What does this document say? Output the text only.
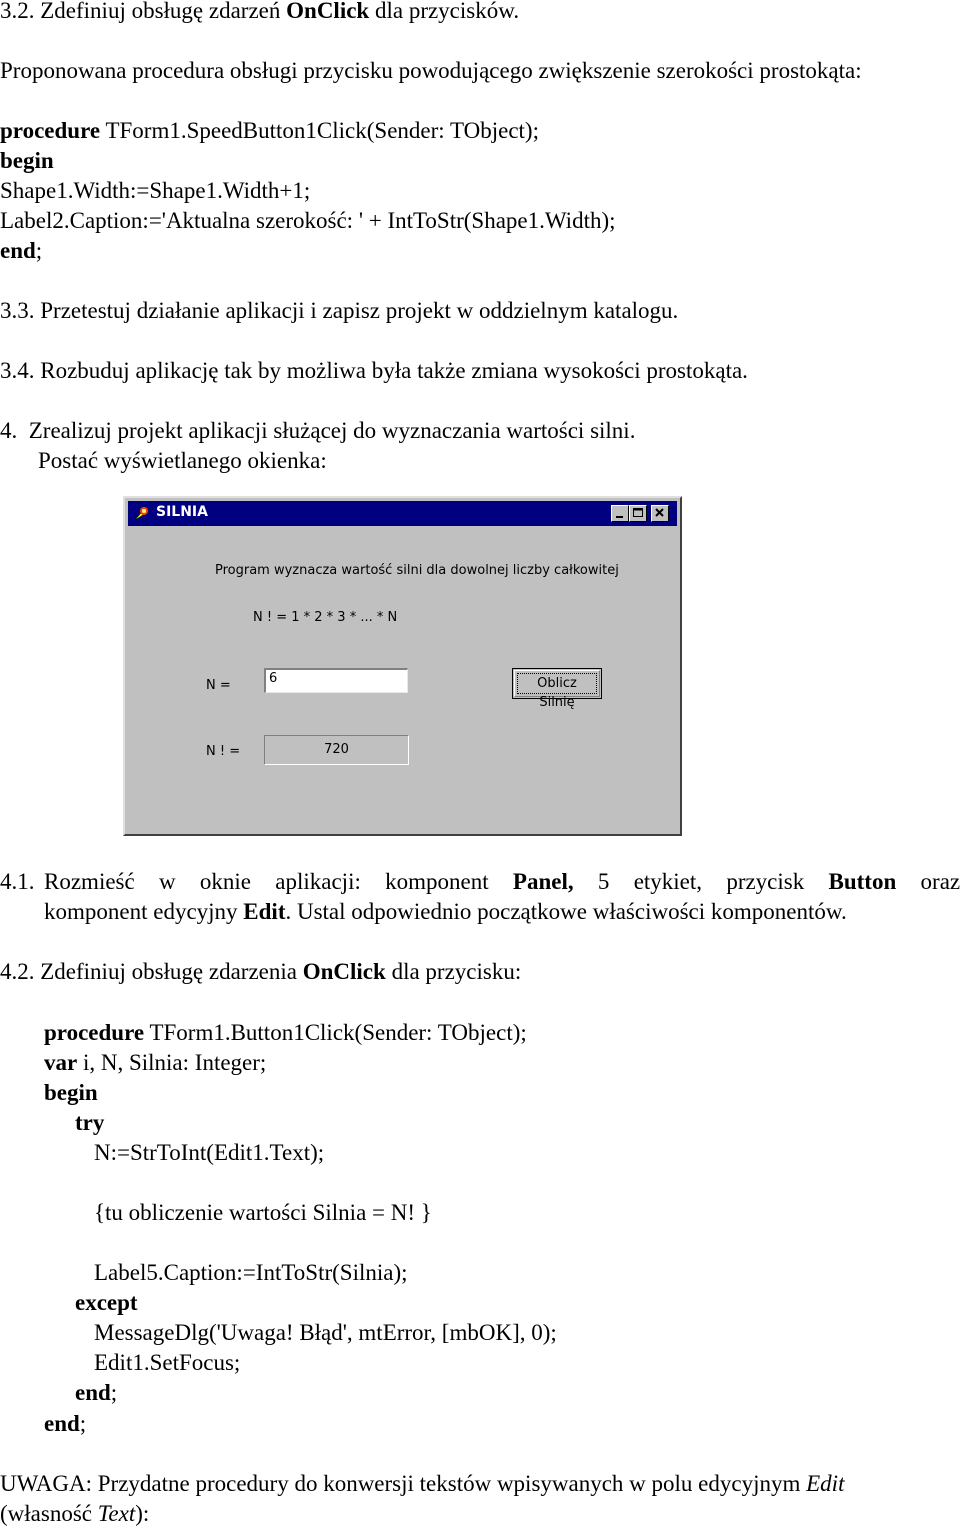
3.2. Zdefiniuj obsługę zdarzeń OnClick dla przycisków.
Proponowana procedura obsługi przycisku powodującego zwiększenie szerokości prostokąta:
procedure TForm1.SpeedButton1Click(Sender: TObject);
begin
Shape1.Width:=Shape1.Width+1;
Label2.Caption:='Aktualna szerokość: ' + IntToStr(Shape1.Width);
end;
3.3. Przetestuj działanie aplikacji i zapisz projekt w oddzielnym katalogu.
3.4. Rozbuduj aplikację tak by możliwa była także zmiana wysokości prostokąta.
4. Zrealizuj projekt aplikacji służącej do wyznaczania wartości silni.
Postać wyświetlanego okienka:
SILNIA
Program wyznacza wartość silni dla dowolnej liczby całkowitej
N ! = 1 * 2 * 3 * ... * N
N =	6	Oblicz Silnię
N ! =	720
4.1. Rozmieść w oknie aplikacji: komponent Panel, 5 etykiet, przycisk Button oraz
komponent edycyjny Edit. Ustal odpowiednio początkowe właściwości komponentów.
4.2. Zdefiniuj obsługę zdarzenia OnClick dla przycisku:
procedure TForm1.Button1Click(Sender: TObject);
var i, N, Silnia: Integer;
begin
try
N:=StrToInt(Edit1.Text);
{tu obliczenie wartości Silnia = N! }
Label5.Caption:=IntToStr(Silnia);
except
MessageDlg('Uwaga! Błąd', mtError, [mbOK], 0);
Edit1.SetFocus;
end;
end;
UWAGA: Przydatne procedury do konwersji tekstów wpisywanych w polu edycyjnym Edit
(własność Text):
